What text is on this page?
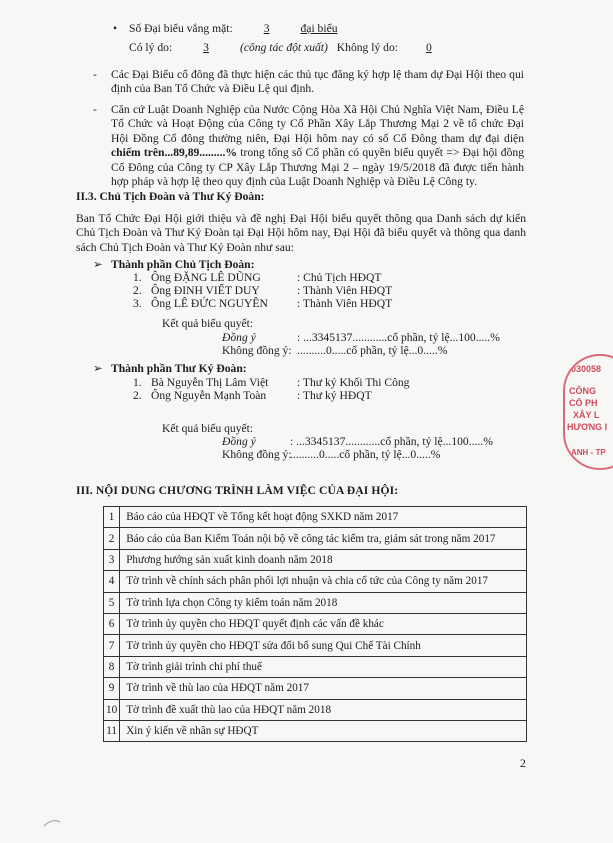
• Số Đại biểu vắng mặt:	3	đại biểu
Có lý do:	3	(công tác đột xuất) Không lý do: 0
- Các Đại Biểu cổ đông đã thực hiện các thủ tục đăng ký hợp lệ tham dự Đại Hội theo qui định của Ban Tổ Chức và Điều Lệ qui định.
- Căn cứ Luật Doanh Nghiệp của Nước Cộng Hòa Xã Hội Chủ Nghĩa Việt Nam, Điều Lệ Tổ Chức và Hoạt Động của Công ty Cổ Phần Xây Lắp Thương Mại 2 về tổ chức Đại Hội Đồng Cổ đông thường niên, Đại Hội hôm nay có số Cổ Đông tham dự đại diện chiếm trên...89,89.........% trong tổng số Cổ phần có quyền biểu quyết => Đại hội đồng Cổ Đông của Công ty CP Xây Lắp Thương Mại 2 – ngày 19/5/2018 đã được tiến hành hợp pháp và hợp lệ theo quy định của Luật Doanh Nghiệp và Điều Lệ Công ty.
II.3. Chủ Tịch Đoàn và Thư Ký Đoàn:
Ban Tổ Chức Đại Hội giới thiệu và đề nghị Đại Hội biểu quyết thông qua Danh sách dự kiến Chủ Tịch Đoàn và Thư Ký Đoàn tại Đại Hội hôm nay, Đại Hội đã biểu quyết và thông qua danh sách Chủ Tịch Đoàn và Thư Ký Đoàn như sau:
➢ Thành phần Chủ Tịch Đoàn:
1. Ông ĐẶNG LÊ DŨNG	: Chủ Tịch HĐQT
2. Ông ĐINH VIẾT DUY	: Thành Viên HĐQT
3. Ông LÊ ĐỨC NGUYÊN	: Thành Viên HĐQT
Kết quả biểu quyết:
Đồng ý	: ...3345137............cổ phần, tỷ lệ...100.....%
Không đồng ý: ..........0.....cổ phần, tỷ lệ...0.....%
➢ Thành phần Thư Ký Đoàn:
1. Bà Nguyễn Thị Lâm Việt : Thư ký Khối Thi Công
2. Ông Nguyễn Mạnh Toàn	: Thư ký HĐQT
Kết quả biểu quyết:
Đồng ý	: ...3345137............cổ phần, tỷ lệ...100.....%
Không đồng ý:
..........0.....cổ phần, tỷ lệ...0.....%
III. NỘI DUNG CHƯƠNG TRÌNH LÀM VIỆC CỦA ĐẠI HỘI:
1	Báo cáo của HĐQT về Tổng kết hoạt động SXKD năm 2017
2	Báo cáo của Ban Kiểm Toán nội bộ về công tác kiểm tra, giám sát trong năm 2017
3	Phương hướng sản xuất kinh doanh năm 2018
4	Tờ trình về chính sách phân phối lợi nhuận và chia cổ tức của Công ty năm 2017
5	Tờ trình lựa chọn Công ty kiểm toán năm 2018
6	Tờ trình ủy quyền cho HĐQT quyết định các vấn đề khác
7	Tờ trình ủy quyền cho HĐQT sửa đổi bổ sung Qui Chế Tài Chính
8	Tờ trình giải trình chi phí thuế
9	Tờ trình về thù lao của HĐQT năm 2017
10	Tờ trình đề xuất thù lao của HĐQT năm 2018
11	Xin ý kiến về nhân sự HĐQT
030058
CÔNG
CỔ PH
XÂY L
HƯƠNG I
ANH - TP
2
